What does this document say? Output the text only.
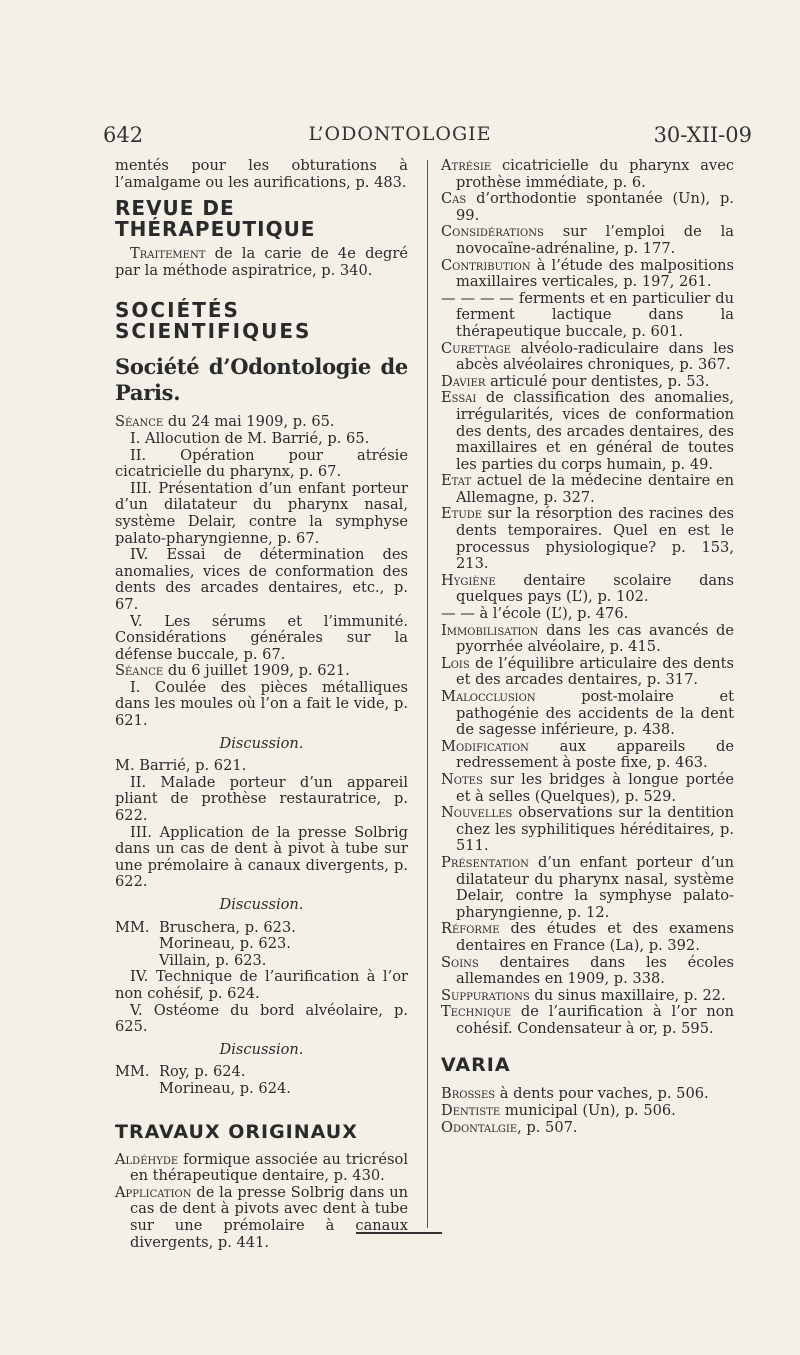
642	L’ODONTOLOGIE	30-XII-09

mentés pour les obturations à l’amalgame ou les aurifications, p. 483.

REVUE DE THÉRAPEUTIQUE

Traitement de la carie de 4e degré par la méthode aspiratrice, p. 340.

SOCIÉTÉS SCIENTIFIQUES

Société d’Odontologie de Paris.

Séance du 24 mai 1909, p. 65.

I. Allocution de M. Barrié, p. 65.

II. Opération pour atrésie cicatricielle du pharynx, p. 67.

III. Présentation d’un enfant porteur d’un dilatateur du pharynx nasal, système Delair, contre la symphyse palato-pharyngienne, p. 67.

IV. Essai de détermination des anomalies, vices de conformation des dents des arcades dentaires, etc., p. 67.

V. Les sérums et l’immunité. Considérations générales sur la défense buccale, p. 67.

Séance du 6 juillet 1909, p. 621.

I. Coulée des pièces métalliques dans les moules où l’on a fait le vide, p. 621.

Discussion.

M. Barrié, p. 621.

II. Malade porteur d’un appareil pliant de prothèse restauratrice, p. 622.

III. Application de la presse Solbrig dans un cas de dent à pivot à tube sur une prémolaire à canaux divergents, p. 622.

Discussion.

MM. Bruschera, p. 623.
Morineau, p. 623.
Villain, p. 623.

IV. Technique de l’aurification à l’or non cohésif, p. 624.

V. Ostéome du bord alvéolaire, p. 625.

Discussion.

MM. Roy, p. 624.
Morineau, p. 624.

TRAVAUX ORIGINAUX

Aldéhyde formique associée au tricrésol en thérapeutique dentaire, p. 430.

Application de la presse Solbrig dans un cas de dent à pivots avec dent à tube sur une prémolaire à canaux divergents, p. 441.

Atrésie cicatricielle du pharynx avec prothèse immédiate, p. 6.

Cas d’orthodontie spontanée (Un), p. 99.

Considérations sur l’emploi de la novocaïne-adrénaline, p. 177.

Contribution à l’étude des malpositions maxillaires verticales, p. 197, 261.

— — — — ferments et en particulier du ferment lactique dans la thérapeutique buccale, p. 601.

Curettage alvéolo-radiculaire dans les abcès alvéolaires chroniques, p. 367.

Davier articulé pour dentistes, p. 53.

Essai de classification des anomalies, irrégularités, vices de conformation des dents, des arcades dentaires, des maxillaires et en général de toutes les parties du corps humain, p. 49.

Etat actuel de la médecine dentaire en Allemagne, p. 327.

Etude sur la résorption des racines des dents temporaires. Quel en est le processus physiologique? p. 153, 213.

Hygiène dentaire scolaire dans quelques pays (L’), p. 102.

— — à l’école (L’), p. 476.

Immobilisation dans les cas avancés de pyorrhée alvéolaire, p. 415.

Lois de l’équilibre articulaire des dents et des arcades dentaires, p. 317.

Malocclusion post-molaire et pathogénie des accidents de la dent de sagesse inférieure, p. 438.

Modification aux appareils de redressement à poste fixe, p. 463.

Notes sur les bridges à longue portée et à selles (Quelques), p. 529.

Nouvelles observations sur la dentition chez les syphilitiques héréditaires, p. 511.

Présentation d’un enfant porteur d’un dilatateur du pharynx nasal, système Delair, contre la symphyse palato-pharyngienne, p. 12.

Réforme des études et des examens dentaires en France (La), p. 392.

Soins dentaires dans les écoles allemandes en 1909, p. 338.

Suppurations du sinus maxillaire, p. 22.

Technique de l’aurification à l’or non cohésif. Condensateur à or, p. 595.

VARIA

Brosses à dents pour vaches, p. 506.

Dentiste municipal (Un), p. 506.

Odontalgie, p. 507.
